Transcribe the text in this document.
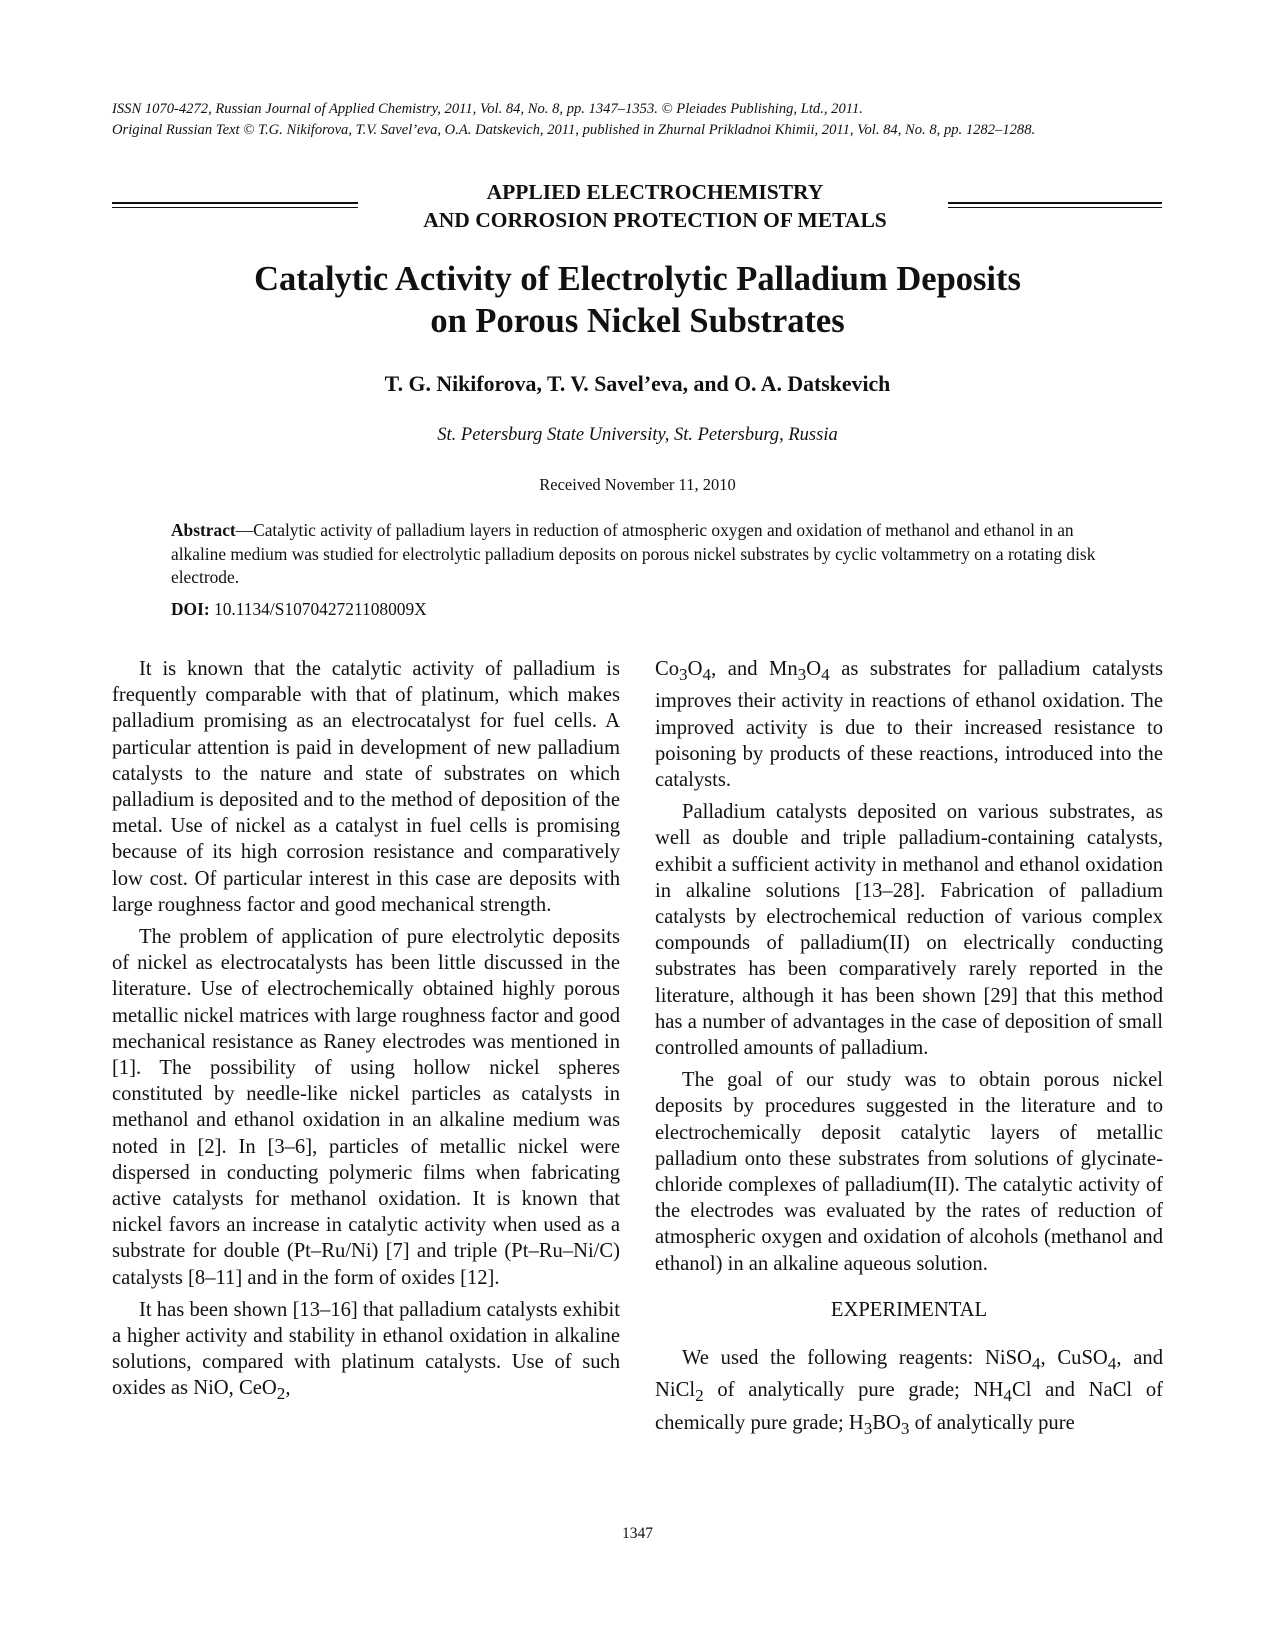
ISSN 1070-4272, Russian Journal of Applied Chemistry, 2011, Vol. 84, No. 8, pp. 1347–1353. © Pleiades Publishing, Ltd., 2011.
Original Russian Text © T.G. Nikiforova, T.V. Savel’eva, O.A. Datskevich, 2011, published in Zhurnal Prikladnoi Khimii, 2011, Vol. 84, No. 8, pp. 1282–1288.
APPLIED ELECTROCHEMISTRY
AND CORROSION PROTECTION OF METALS
Catalytic Activity of Electrolytic Palladium Deposits
on Porous Nickel Substrates
T. G. Nikiforova, T. V. Savel’eva, and O. A. Datskevich
St. Petersburg State University, St. Petersburg, Russia
Received November 11, 2010
Abstract—Catalytic activity of palladium layers in reduction of atmospheric oxygen and oxidation of methanol and ethanol in an alkaline medium was studied for electrolytic palladium deposits on porous nickel substrates by cyclic voltammetry on a rotating disk electrode.
DOI: 10.1134/S107042721108009X

It is known that the catalytic activity of palladium is frequently comparable with that of platinum, which makes palladium promising as an electrocatalyst for fuel cells. A particular attention is paid in development of new palladium catalysts to the nature and state of substrates on which palladium is deposited and to the method of deposition of the metal. Use of nickel as a catalyst in fuel cells is promising because of its high corrosion resistance and comparatively low cost. Of particular interest in this case are deposits with large roughness factor and good mechanical strength.

The problem of application of pure electrolytic deposits of nickel as electrocatalysts has been little discussed in the literature. Use of electrochemically obtained highly porous metallic nickel matrices with large roughness factor and good mechanical resistance as Raney electrodes was mentioned in [1]. The possibility of using hollow nickel spheres constituted by needle-like nickel particles as catalysts in methanol and ethanol oxidation in an alkaline medium was noted in [2]. In [3–6], particles of metallic nickel were dispersed in conducting polymeric films when fabricating active catalysts for methanol oxidation. It is known that nickel favors an increase in catalytic activity when used as a substrate for double (Pt–Ru/Ni) [7] and triple (Pt–Ru–Ni/C) catalysts [8–11] and in the form of oxides [12].

It has been shown [13–16] that palladium catalysts exhibit a higher activity and stability in ethanol oxidation in alkaline solutions, compared with platinum catalysts. Use of such oxides as NiO, CeO$_2$,

$Co_3O_4$, and $Mn_3O_4$ as substrates for palladium catalysts improves their activity in reactions of ethanol oxidation. The improved activity is due to their increased resistance to poisoning by products of these reactions, introduced into the catalysts.

Palladium catalysts deposited on various substrates, as well as double and triple palladium-containing catalysts, exhibit a sufficient activity in methanol and ethanol oxidation in alkaline solutions [13–28]. Fabrication of palladium catalysts by electrochemical reduction of various complex compounds of palladium(II) on electrically conducting substrates has been comparatively rarely reported in the literature, although it has been shown [29] that this method has a number of advantages in the case of deposition of small controlled amounts of palladium.

The goal of our study was to obtain porous nickel deposits by procedures suggested in the literature and to electrochemically deposit catalytic layers of metallic palladium onto these substrates from solutions of glycinate-chloride complexes of palladium(II). The catalytic activity of the electrodes was evaluated by the rates of reduction of atmospheric oxygen and oxidation of alcohols (methanol and ethanol) in an alkaline aqueous solution.

EXPERIMENTAL

We used the following reagents: NiSO$_4$, CuSO$_4$, and NiCl$_2$ of analytically pure grade; $NH_4Cl$ and NaCl of chemically pure grade; $H_3BO_3$ of analytically pure

1347
